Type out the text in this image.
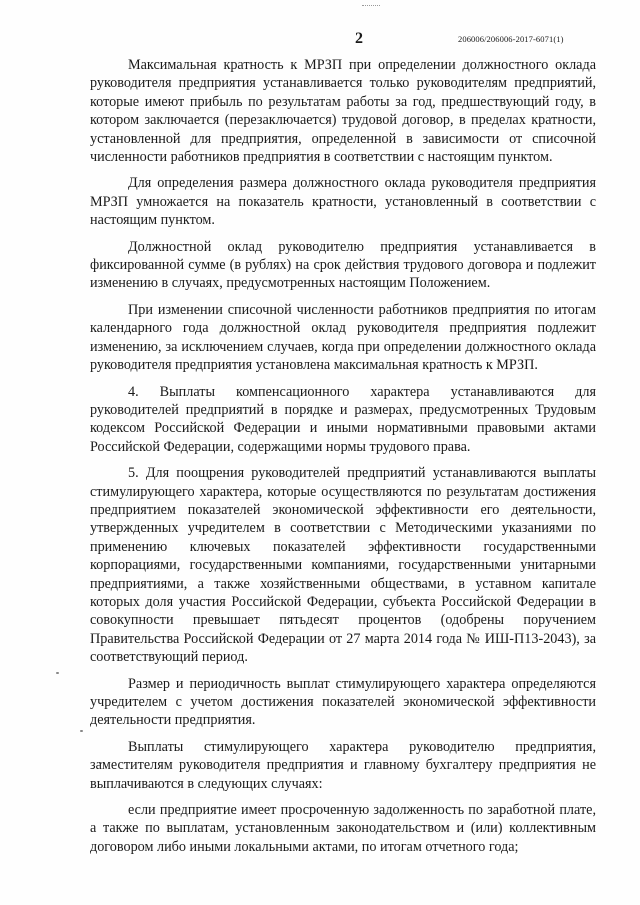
2	206006/206006-2017-6071(1)

Максимальная кратность к МРЗП при определении должностного оклада руководителя предприятия устанавливается только руководителям предприятий, которые имеют прибыль по результатам работы за год, предшествующий году, в котором заключается (перезаключается) трудовой договор, в пределах кратности, установленной для предприятия, определенной в зависимости от списочной численности работников предприятия в соответствии с настоящим пунктом.

Для определения размера должностного оклада руководителя предприятия МРЗП умножается на показатель кратности, установленный в соответствии с настоящим пунктом.

Должностной оклад руководителю предприятия устанавливается в фиксированной сумме (в рублях) на срок действия трудового договора и подлежит изменению в случаях, предусмотренных настоящим Положением.

При изменении списочной численности работников предприятия по итогам календарного года должностной оклад руководителя предприятия подлежит изменению, за исключением случаев, когда при определении должностного оклада руководителя предприятия установлена максимальная кратность к МРЗП.

4. Выплаты компенсационного характера устанавливаются для руководителей предприятий в порядке и размерах, предусмотренных Трудовым кодексом Российской Федерации и иными нормативными правовыми актами Российской Федерации, содержащими нормы трудового права.

5. Для поощрения руководителей предприятий устанавливаются выплаты стимулирующего характера, которые осуществляются по результатам достижения предприятием показателей экономической эффективности его деятельности, утвержденных учредителем в соответствии с Методическими указаниями по применению ключевых показателей эффективности государственными корпорациями, государственными компаниями, государственными унитарными предприятиями, а также хозяйственными обществами, в уставном капитале которых доля участия Российской Федерации, субъекта Российской Федерации в совокупности превышает пятьдесят процентов (одобрены поручением Правительства Российской Федерации от 27 марта 2014 года № ИШ-П13-2043), за соответствующий период.

Размер и периодичность выплат стимулирующего характера определяются учредителем с учетом достижения показателей экономической эффективности деятельности предприятия.

Выплаты стимулирующего характера руководителю предприятия, заместителям руководителя предприятия и главному бухгалтеру предприятия не выплачиваются в следующих случаях:

если предприятие имеет просроченную задолженность по заработной плате, а также по выплатам, установленным законодательством и (или) коллективным договором либо иными локальными актами, по итогам отчетного года;
